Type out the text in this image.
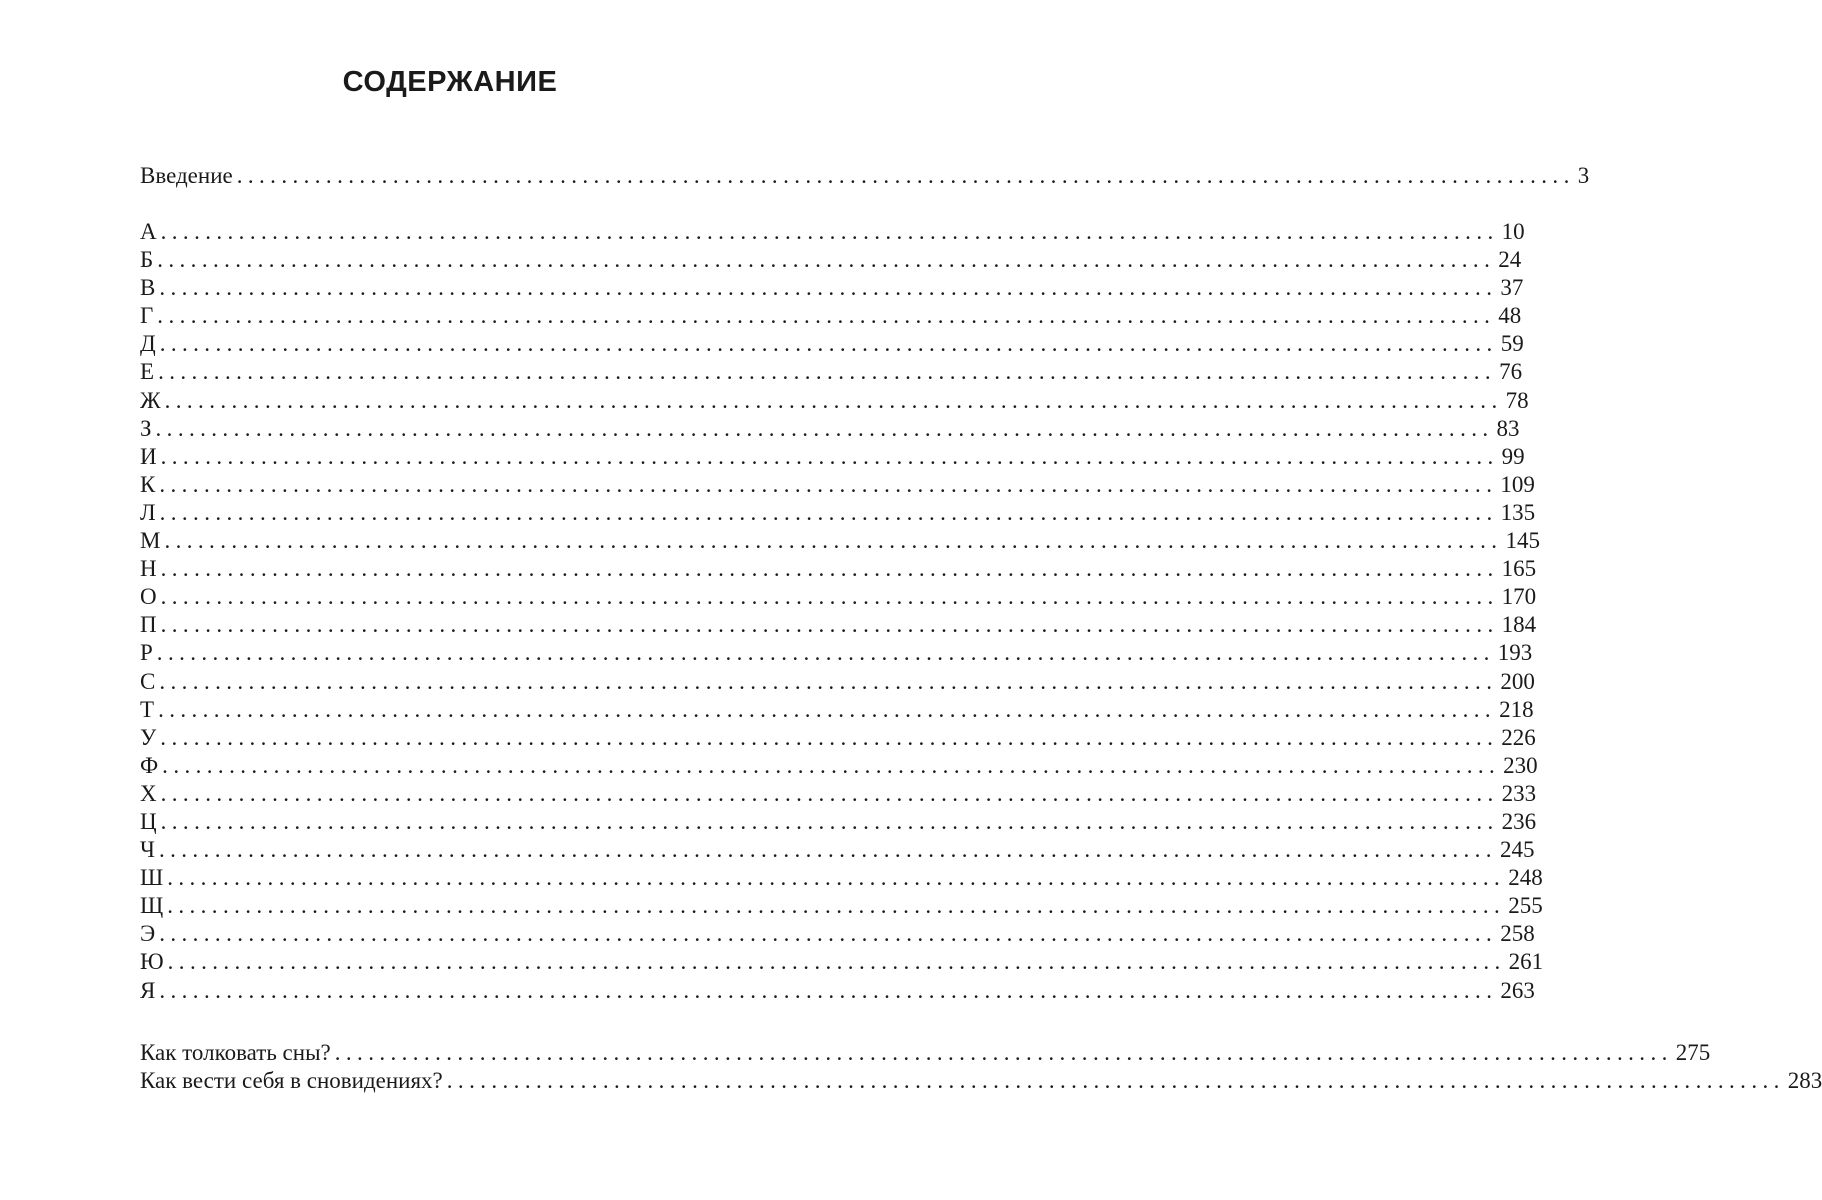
СОДЕРЖАНИЕ
Введение ........................................................................................................................ 3
А ........................................................................................................................ 10
Б ........................................................................................................................ 24
В ........................................................................................................................ 37
Г ........................................................................................................................ 48
Д ........................................................................................................................ 59
Е ........................................................................................................................ 76
Ж ........................................................................................................................ 78
З ........................................................................................................................ 83
И ........................................................................................................................ 99
К ........................................................................................................................ 109
Л ........................................................................................................................ 135
М ........................................................................................................................ 145
Н ........................................................................................................................ 165
О ........................................................................................................................ 170
П ........................................................................................................................ 184
Р ........................................................................................................................ 193
С ........................................................................................................................ 200
Т ........................................................................................................................ 218
У ........................................................................................................................ 226
Ф ........................................................................................................................ 230
Х ........................................................................................................................ 233
Ц ........................................................................................................................ 236
Ч ........................................................................................................................ 245
Ш ........................................................................................................................ 248
Щ ........................................................................................................................ 255
Э ........................................................................................................................ 258
Ю ........................................................................................................................ 261
Я ........................................................................................................................ 263
Как толковать сны? ........................................................................................................................ 275
Как вести себя в сновидениях? ........................................................................................................................ 283
